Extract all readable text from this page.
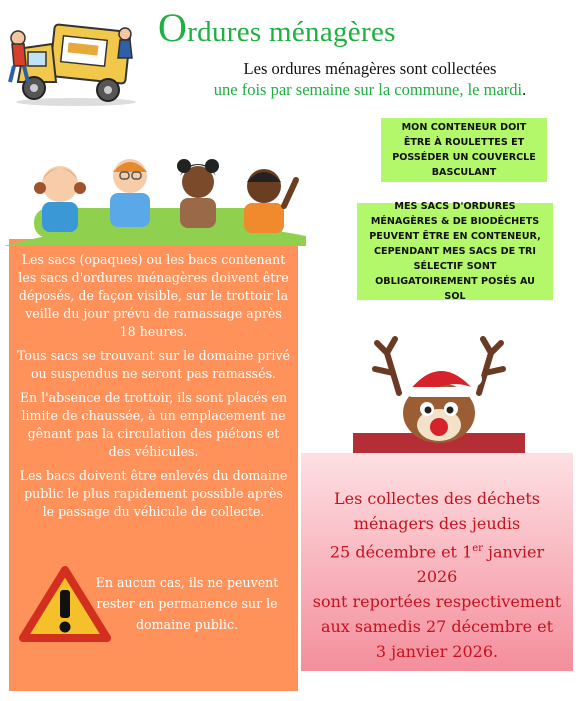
Ordures ménagères
Les ordures ménagères sont collectées
une fois par semaine sur la commune, le mardi.
MON CONTENEUR DOIT ÊTRE À ROULETTES ET POSSÉDER UN COUVERCLE BASCULANT
MES SACS D'ORDURES MÉNAGÈRES & DE BIODÉCHETS PEUVENT ÊTRE EN CONTENEUR, CEPENDANT MES SACS DE TRI SÉLECTIF SONT OBLIGATOIREMENT POSÉS AU SOL

Les sacs (opaques) ou les bacs contenant les sacs d'ordures ménagères doivent être déposés, de façon visible, sur le trottoir la veille du jour prévu de ramassage après 18 heures.

Tous sacs se trouvant sur le domaine privé ou suspendus ne seront pas ramassés.

En l'absence de trottoir, ils sont placés en limite de chaussée, à un emplacement ne gênant pas la circulation des piétons et des véhicules.

Les bacs doivent être enlevés du domaine public le plus rapidement possible après le passage du véhicule de collecte.

En aucun cas, ils ne peuvent rester en permanence sur le domaine public.
Les collectes des déchets
ménagers des jeudis
25 décembre et 1er janvier 2026
sont reportées respectivement
aux samedis 27 décembre et
3 janvier 2026.
